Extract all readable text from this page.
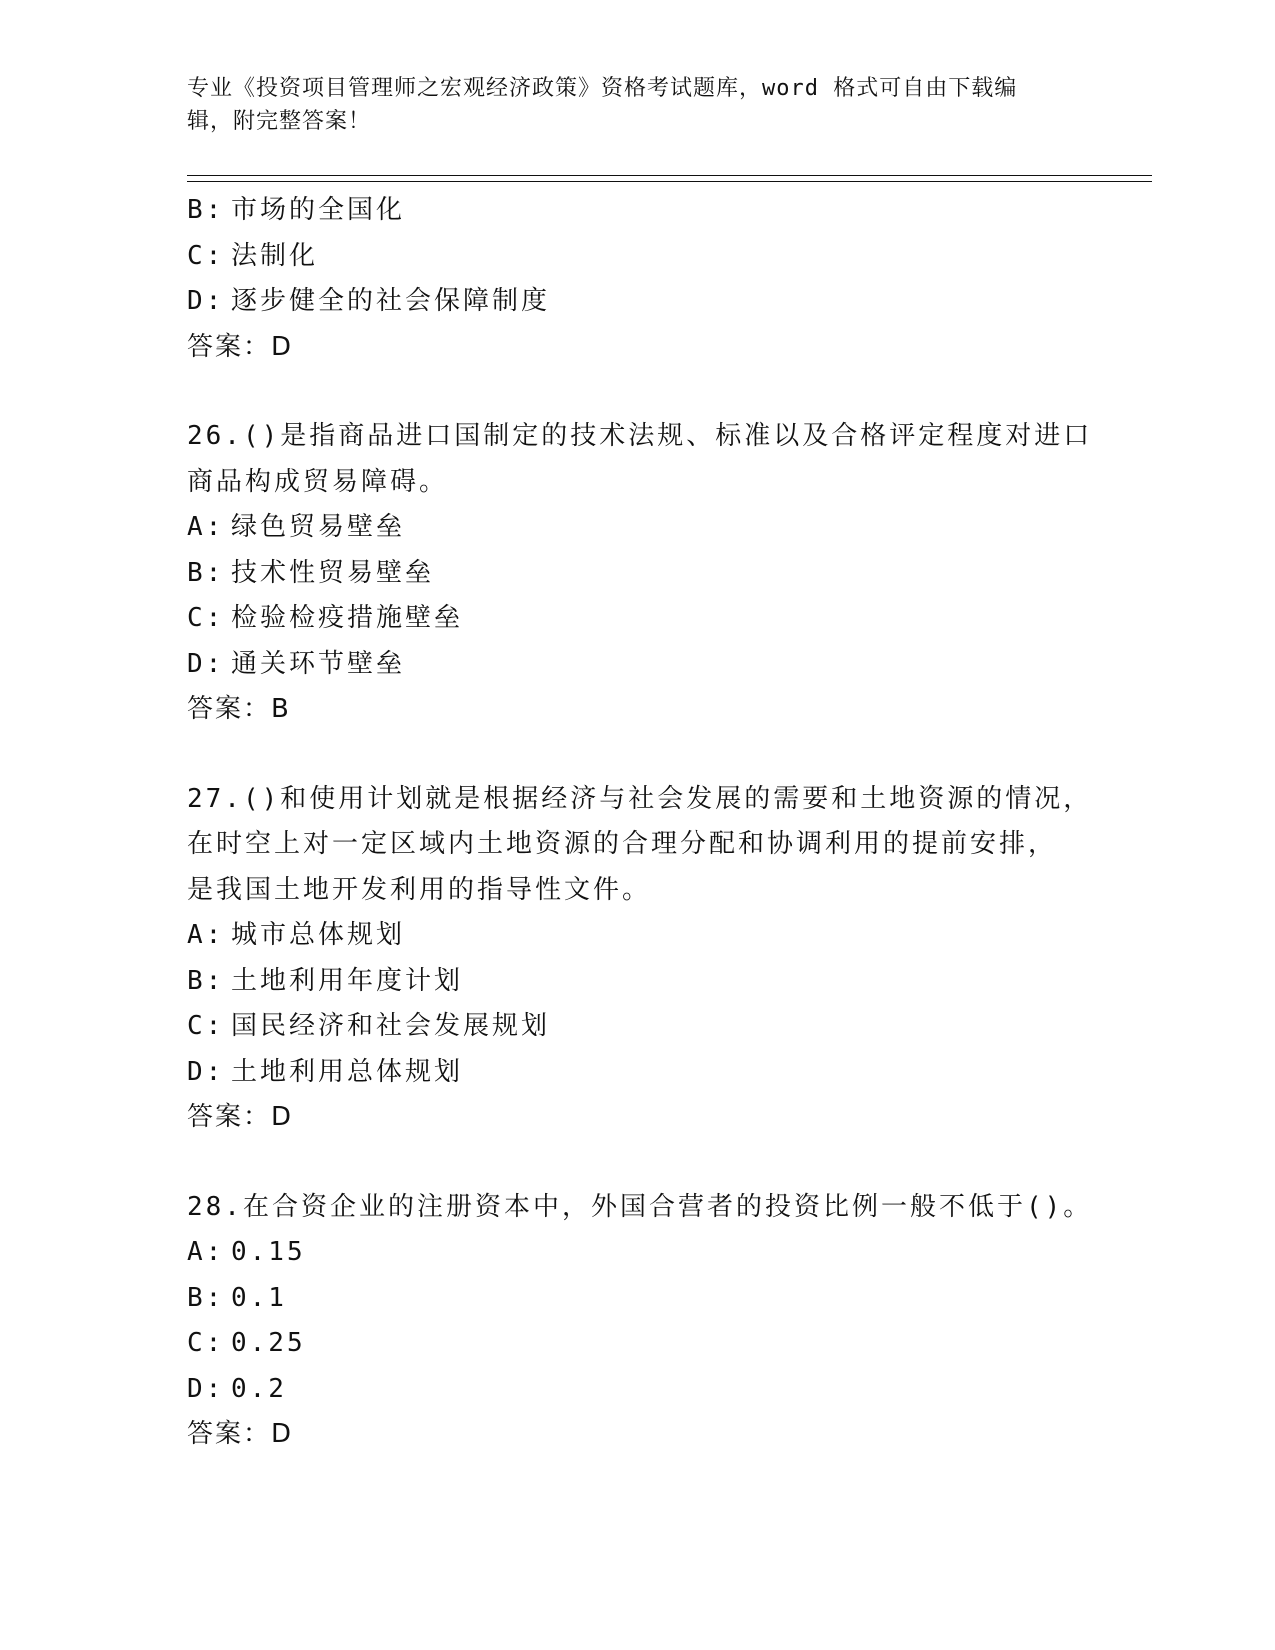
专业《投资项目管理师之宏观经济政策》资格考试题库，word 格式可自由下载编
辑，附完整答案！
B: 市场的全国化
C: 法制化
D: 逐步健全的社会保障制度
答案：D
26.()是指商品进口国制定的技术法规、标准以及合格评定程度对进口
商品构成贸易障碍。
A: 绿色贸易壁垒
B: 技术性贸易壁垒
C: 检验检疫措施壁垒
D: 通关环节壁垒
答案：B
27.()和使用计划就是根据经济与社会发展的需要和土地资源的情况，
在时空上对一定区域内土地资源的合理分配和协调利用的提前安排，
是我国土地开发利用的指导性文件。
A: 城市总体规划
B: 土地利用年度计划
C: 国民经济和社会发展规划
D: 土地利用总体规划
答案：D
28.在合资企业的注册资本中，外国合营者的投资比例一般不低于()。
A: 0.15
B: 0.1
C: 0.25
D: 0.2
答案：D
